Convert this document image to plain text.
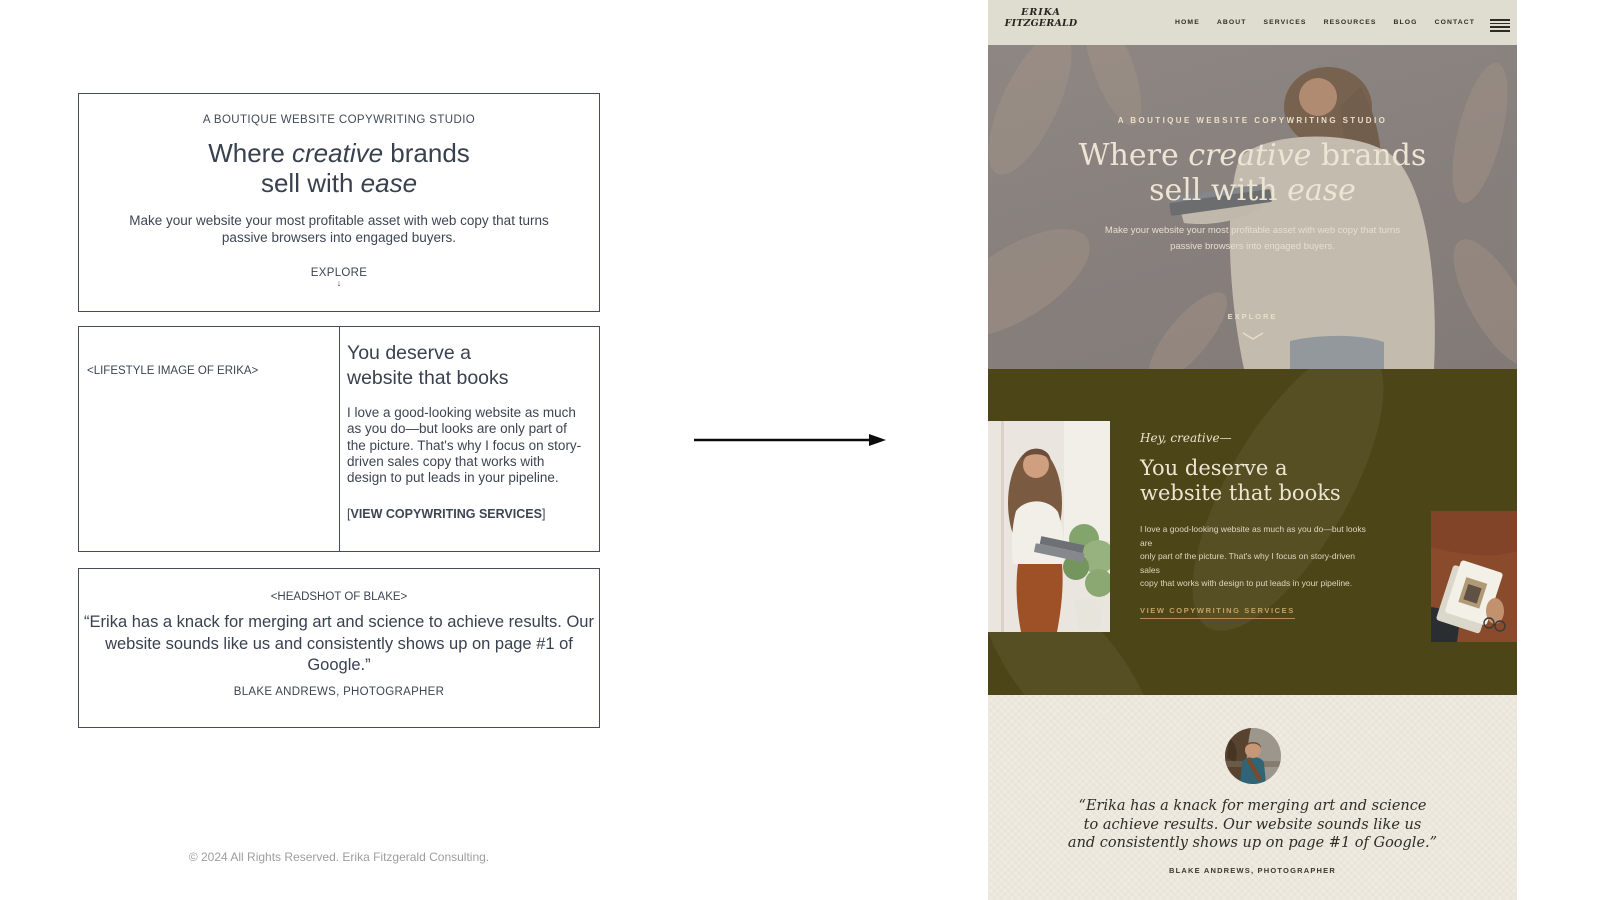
A BOUTIQUE WEBSITE COPYWRITING STUDIO
Where creative brands
sell with ease
Make your website your most profitable asset with web copy that turns passive browsers into engaged buyers.
EXPLORE
↓
<LIFESTYLE IMAGE OF ERIKA>
You deserve a
website that books
I love a good-looking website as much as you do—but looks are only part of the picture. That's why I focus on story-driven sales copy that works with design to put leads in your pipeline.
[VIEW COPYWRITING SERVICES]
<HEADSHOT OF BLAKE>
“Erika has a knack for merging art and science to achieve results. Our website sounds like us and consistently shows up on page #1 of Google.”
BLAKE ANDREWS, PHOTOGRAPHER
© 2024 All Rights Reserved. Erika Fitzgerald Consulting.
ERIKA
FITZGERALD	HOME	ABOUT	SERVICES	RESOURCES	BLOG	CONTACT
A BOUTIQUE WEBSITE COPYWRITING STUDIO
Where creative brands
sell with ease
Make your website your most profitable asset with web copy that turns
passive browsers into engaged buyers.
EXPLORE
Hey, creative—
You deserve a
website that books
I love a good-looking website as much as you do—but looks are
only part of the picture. That's why I focus on story-driven sales
copy that works with design to put leads in your pipeline.
VIEW COPYWRITING SERVICES
“Erika has a knack for merging art and science
to achieve results. Our website sounds like us
and consistently shows up on page #1 of Google.”
BLAKE ANDREWS, PHOTOGRAPHER
